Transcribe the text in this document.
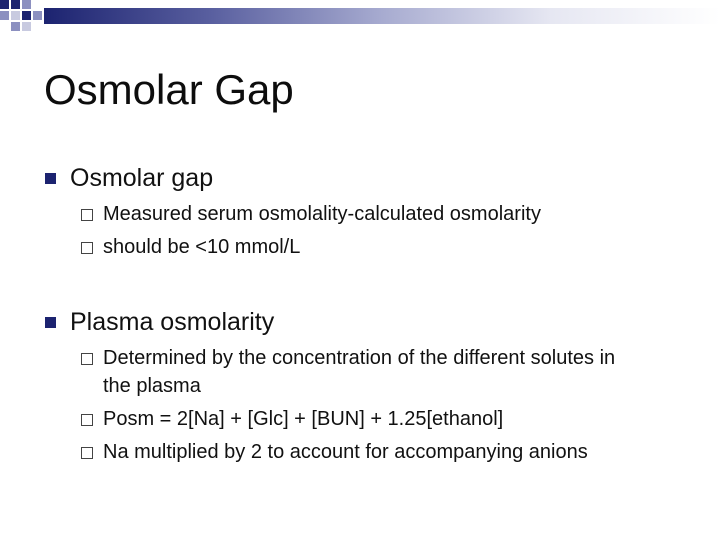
Osmolar Gap
Osmolar gap
Measured serum osmolality-calculated osmolarity
should be <10 mmol/L
Plasma osmolarity
Determined by the concentration of the different solutes in the plasma
Posm = 2[Na] + [Glc] + [BUN] + 1.25[ethanol]
Na multiplied by 2 to account for accompanying anions
